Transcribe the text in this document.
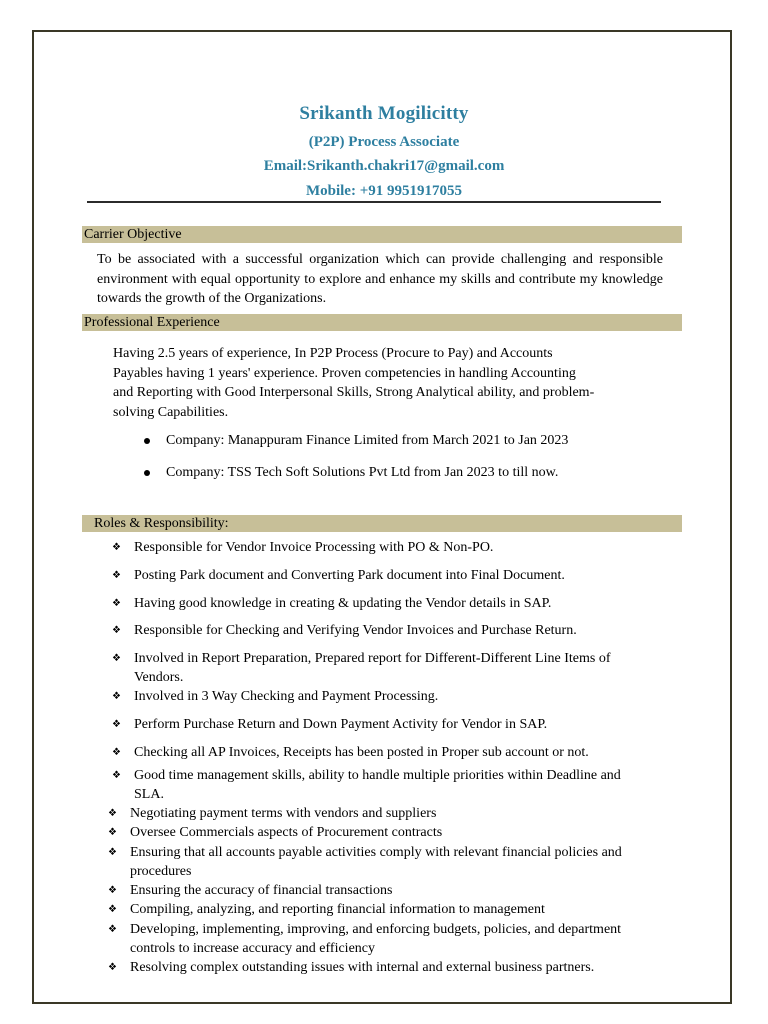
Srikanth Mogilicitty
(P2P) Process Associate
Email:Srikanth.chakri17@gmail.com
Mobile: +91 9951917055
Carrier Objective
To be associated with a successful organization which can provide challenging and responsible environment with equal opportunity to explore and enhance my skills and contribute my knowledge towards the growth of the Organizations.
Professional Experience
Having 2.5 years of experience, In P2P Process (Procure to Pay) and Accounts
Payables having 1 years' experience. Proven competencies in handling Accounting
and Reporting with Good Interpersonal Skills, Strong Analytical ability, and problem-
solving Capabilities.
Company: Manappuram Finance Limited from March 2021 to Jan 2023
Company: TSS Tech Soft Solutions Pvt Ltd from Jan 2023 to till now.
Roles & Responsibility:
❖ Responsible for Vendor Invoice Processing with PO & Non-PO.
❖ Posting Park document and Converting Park document into Final Document.
❖ Having good knowledge in creating & updating the Vendor details in SAP.
❖ Responsible for Checking and Verifying Vendor Invoices and Purchase Return.
❖ Involved in Report Preparation, Prepared report for Different-Different Line Items of
Vendors.
❖ Involved in 3 Way Checking and Payment Processing.
❖ Perform Purchase Return and Down Payment Activity for Vendor in SAP.
❖ Checking all AP Invoices, Receipts has been posted in Proper sub account or not.
❖ Good time management skills, ability to handle multiple priorities within Deadline and
SLA.
❖ Negotiating payment terms with vendors and suppliers
❖ Oversee Commercials aspects of Procurement contracts
❖ Ensuring that all accounts payable activities comply with relevant financial policies and
procedures
❖ Ensuring the accuracy of financial transactions
❖ Compiling, analyzing, and reporting financial information to management
❖ Developing, implementing, improving, and enforcing budgets, policies, and department
controls to increase accuracy and efficiency
❖ Resolving complex outstanding issues with internal and external business partners.
